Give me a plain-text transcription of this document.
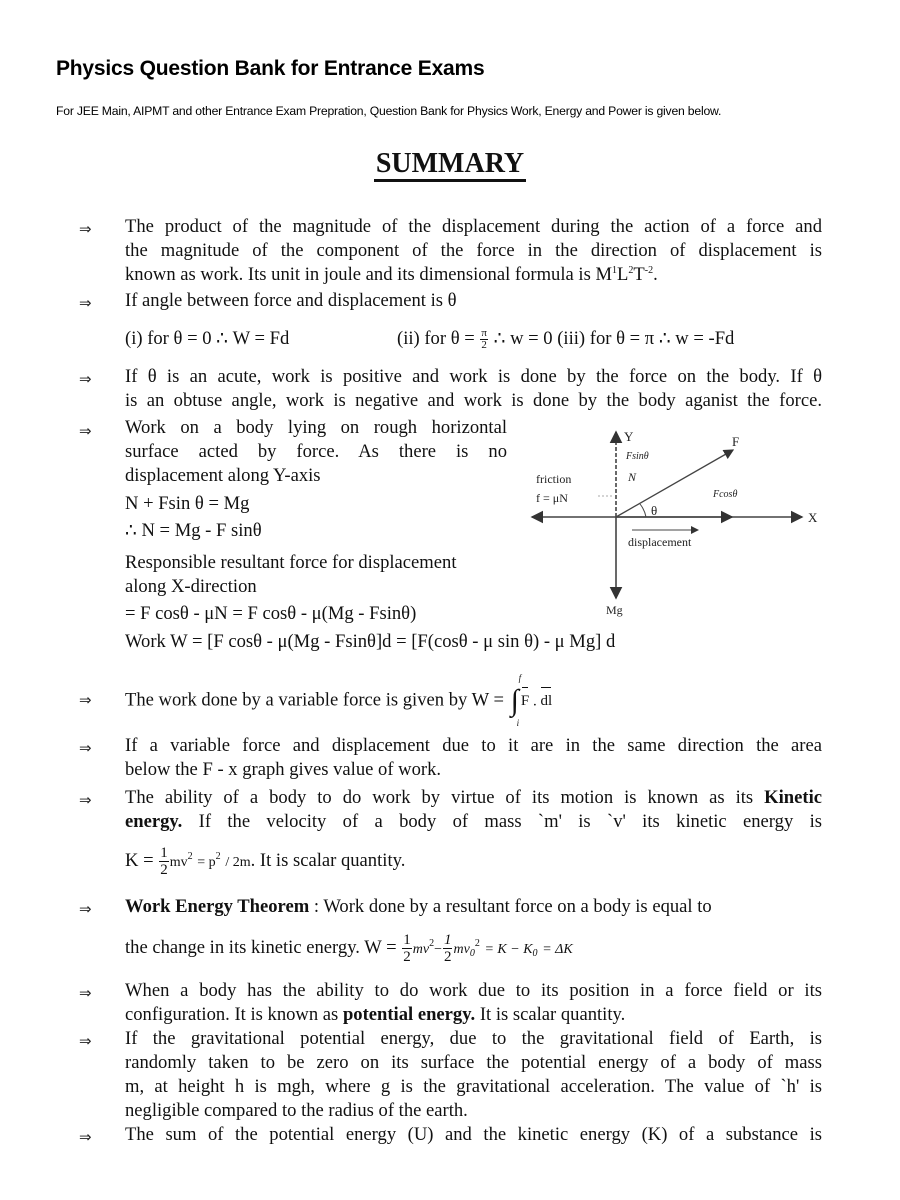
Physics Question Bank for Entrance Exams
For JEE Main, AIPMT and other Entrance Exam Prepration, Question Bank for Physics Work, Energy and Power is given below.
SUMMARY
⇒ The product of the magnitude of the displacement during the action of a force and
the magnitude of the component of the force in the direction of displacement is
known as work. Its unit in joule and its dimensional formula is $M^1L^2T^{-2}$.
⇒ If angle between force and displacement is θ
(i) for θ = 0 ∴ W = Fd	(ii) for $\theta = \frac{\pi}{2}$ ∴ w = 0 (iii) for θ = π ∴ w = -Fd
⇒ If θ is an acute, work is positive and work is done by the force on the body. If θ
is an obtuse angle, work is negative and work is done by the body aganist the force.
⇒ Work on a body lying on rough horizontal
surface acted by force. As there is no
displacement along Y-axis
N + Fsin θ = Mg
∴ N = Mg - F sinθ
Responsible resultant force for displacement
along X-direction
= F cosθ - μN = F cosθ - μ(Mg - Fsinθ)
Work W = [F cosθ - μ(Mg - Fsinθ]d = [F(cosθ - μ sin θ) - μ Mg] d
Y
X
F
Fsinθ
N
friction
f = μN
θ
Fcosθ
displacement
Mg
⇒ The work done by a variable force is given by W = ∫
f
i
F . dl
⇒ If a variable force and displacement due to it are in the same direction the area
below the F - x graph gives value of work.
⇒ The ability of a body to do work by virtue of its motion is known as its Kinetic
energy. If the velocity of a body of mass `m' is `v' its kinetic energy is
$K = \frac{1}{2} mv^2 = p^2 / 2m$. It is scalar quantity.
⇒ Work Energy Theorem : Work done by a resultant force on a body is equal to
the change in its kinetic energy. $W = \frac{1}{2} mv^2- \frac{1}{2} mv_0^2 = K - K_0 = \Delta K$
⇒ When a body has the ability to do work due to its position in a force field or its
configuration. It is known as potential energy. It is scalar quantity.
⇒ If the gravitational potential energy, due to the gravitational field of Earth, is
randomly taken to be zero on its surface the potential energy of a body of mass
m, at height h is mgh, where g is the gravitational acceleration. The value of `h' is
negligible compared to the radius of the earth.
⇒ The sum of the potential energy (U) and the kinetic energy (K) of a substance is
